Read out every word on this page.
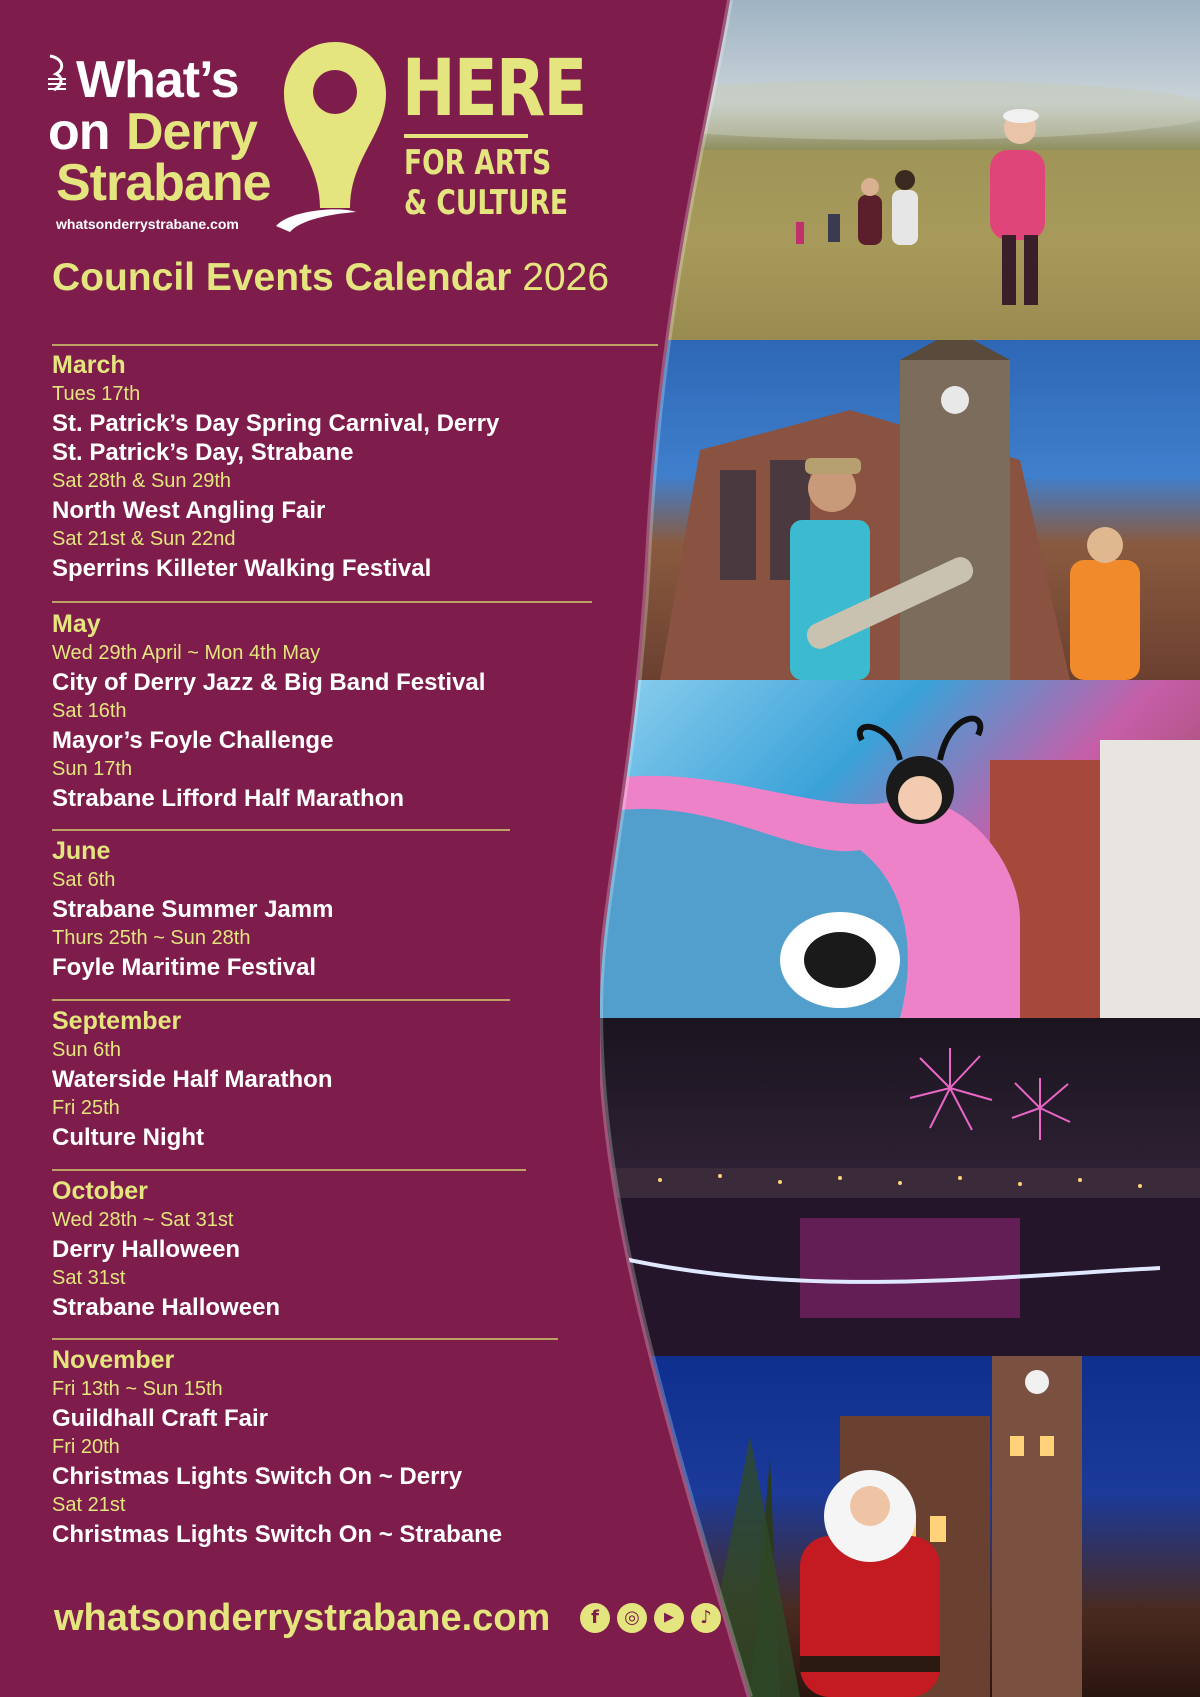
What’s
on Derry
Strabane
whatsonderrystrabane.com
HERE
FOR ARTS
& CULTURE
Council Events Calendar 2026
March
Tues 17th
St. Patrick’s Day Spring Carnival, Derry
St. Patrick’s Day, Strabane
Sat 28th & Sun 29th
North West Angling Fair
Sat 21st & Sun 22nd
Sperrins Killeter Walking Festival
May
Wed 29th April ~ Mon 4th May
City of Derry Jazz & Big Band Festival
Sat 16th
Mayor’s Foyle Challenge
Sun 17th
Strabane Lifford Half Marathon
June
Sat 6th
Strabane Summer Jamm
Thurs 25th ~ Sun 28th
Foyle Maritime Festival
September
Sun 6th
Waterside Half Marathon
Fri 25th
Culture Night
October
Wed 28th ~ Sat 31st
Derry Halloween
Sat 31st
Strabane Halloween
November
Fri 13th ~ Sun 15th
Guildhall Craft Fair
Fri 20th
Christmas Lights Switch On ~ Derry
Sat 21st
Christmas Lights Switch On ~ Strabane
whatsonderrystrabane.com	f	◎	▶	♪
